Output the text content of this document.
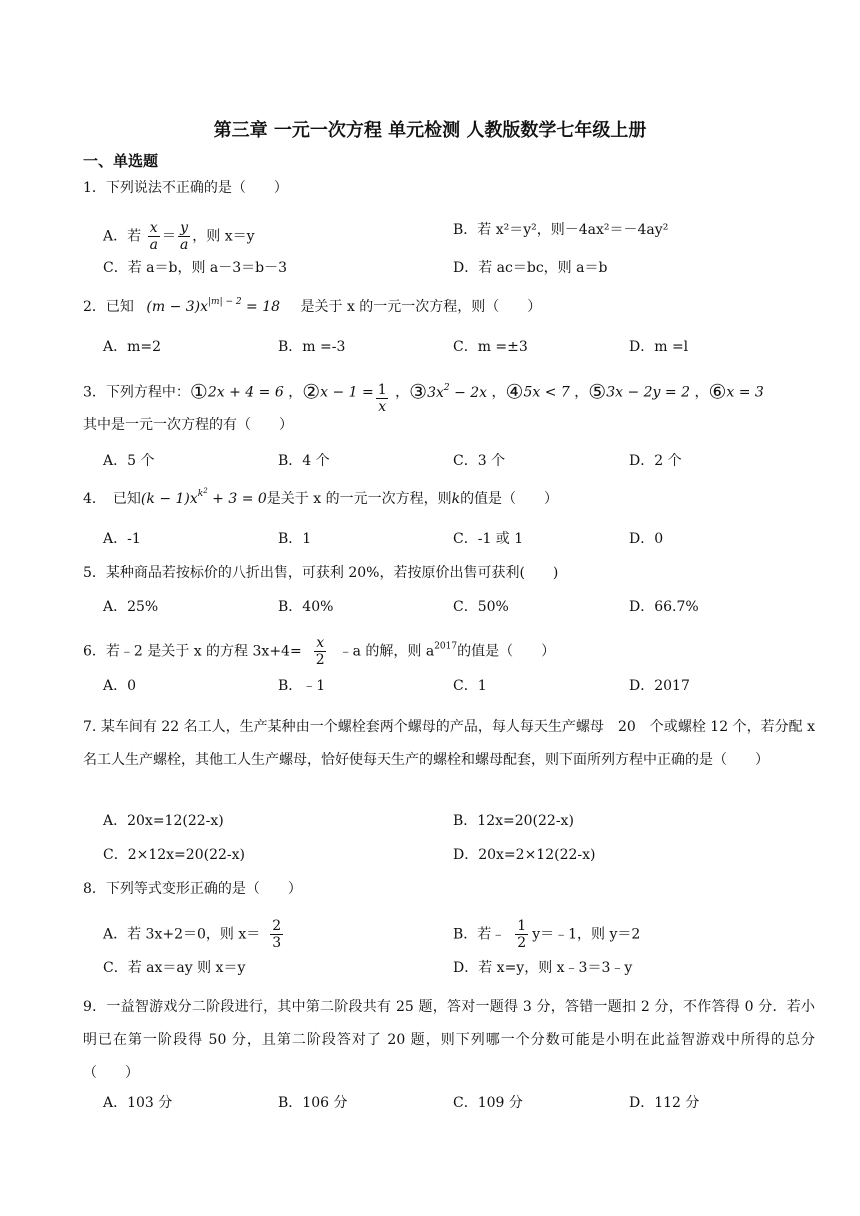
第三章 一元一次方程 单元检测 人教版数学七年级上册
一、单选题
1．下列说法不正确的是（　　）
A．若 $\frac{x}{a} = \frac{y}{a}$ ，则 x＝y	B．若 x²＝y²，则－4ax²＝－4ay²
C．若 a＝b，则 a－3＝b－3	D．若 ac＝bc，则 a＝b
2．已知 $(m - 3)x^{|m| - 2} = 18$ 是关于 x 的一元一次方程，则（　　）
A．m=2	B．m =-3	C．m =±3	D．m =l
3．下列方程中：①2x + 4 = 6 ，②x − $1 = \frac{1}{x}$ ，$③3x^2 - 2x$ ，④5x < 7 ，⑤3x − 2y = 2 ，⑥x = 3
其中是一元一次方程的有（　　）
A．5 个	B．4 个	C．3 个	D．2 个
4．　已知$(k - 1)x^{k^2} + 3 = 0$是关于 x 的一元一次方程，则k的值是（　　）
A．-1	B．1	C．-1 或 1	D．0
5．某种商品若按标价的八折出售，可获利 20%，若按原价出售可获利(　　)
A．25%	B．40%	C．50%	D．66.7%
6．若﹣2 是关于 x 的方程 $3x+4= \frac{x}{2}$ ﹣a 的解，则 $a^{2017}$的值是（　　）
A．0	B．﹣1	C．1	D．2017
7. 某车间有 22 名工人，生产某种由一个螺栓套两个螺母的产品，每人每天生产螺母　20　个或螺栓 12 个，若分配 x 名工人生产螺栓，其他工人生产螺母，恰好使每天生产的螺栓和螺母配套，则下面所列方程中正确的是（　　）
A．20x=12(22-x)	B．12x=20(22-x)
C．2×12x=20(22-x)	D．20x=2×12(22-x)
8．下列等式变形正确的是（　　）
A．若 3x+2＝0，则 $x= \frac{2}{3}$	B．若﹣ $\frac{1}{2}$ y＝﹣1，则 y＝2
C．若 ax＝ay 则 x＝y	D．若 x=y，则 x﹣3＝3﹣y
9．一益智游戏分二阶段进行，其中第二阶段共有 25 题，答对一题得 3 分，答错一题扣 2 分，不作答得 0 分．若小明已在第一阶段得 50 分，且第二阶段答对了 20 题，则下列哪一个分数可能是小明在此益智游戏中所得的总分（　　）
A．103 分	B．106 分	C．109 分	D．112 分
